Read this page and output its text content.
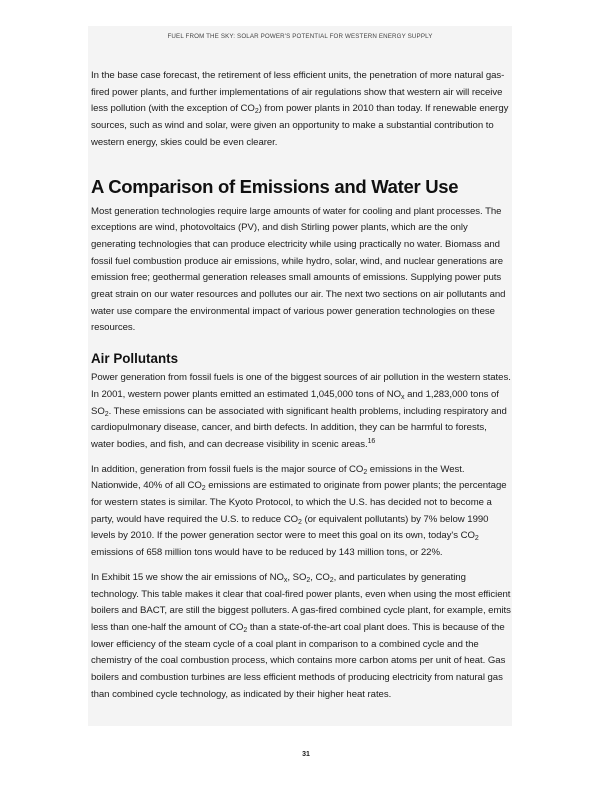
FUEL FROM THE SKY: SOLAR POWER'S POTENTIAL FOR WESTERN ENERGY SUPPLY

In the base case forecast, the retirement of less efficient units, the penetration of more natural gas-fired power plants, and further implementations of air regulations show that western air will receive less pollution (with the exception of $CO_2$) from power plants in 2010 than today. If renewable energy sources, such as wind and solar, were given an opportunity to make a substantial contribution to western energy, skies could be even clearer.

A Comparison of Emissions and Water Use

Most generation technologies require large amounts of water for cooling and plant processes. The exceptions are wind, photovoltaics (PV), and dish Stirling power plants, which are the only generating technologies that can produce electricity while using practically no water. Biomass and fossil fuel combustion produce air emissions, while hydro, solar, wind, and nuclear generations are emission free; geothermal generation releases small amounts of emissions. Supplying power puts great strain on our water resources and pollutes our air. The next two sections on air pollutants and water use compare the environmental impact of various power generation technologies on these resources.

Air Pollutants

Power generation from fossil fuels is one of the biggest sources of air pollution in the western states. In 2001, western power plants emitted an estimated 1,045,000 tons of $NO_x$ and 1,283,000 tons of $SO_2$. These emissions can be associated with significant health problems, including respiratory and cardiopulmonary disease, cancer, and birth defects. In addition, they can be harmful to forests, water bodies, and fish, and can decrease visibility in scenic areas.$^{16}$

In addition, generation from fossil fuels is the major source of $CO_2$ emissions in the West. Nationwide, 40% of all $CO_2$ emissions are estimated to originate from power plants; the percentage for western states is similar. The Kyoto Protocol, to which the U.S. has decided not to become a party, would have required the U.S. to reduce $CO_2$ (or equivalent pollutants) by 7% below 1990 levels by 2010. If the power generation sector were to meet this goal on its own, today's $CO_2$ emissions of 658 million tons would have to be reduced by 143 million tons, or 22%.

In Exhibit 15 we show the air emissions of $NO_x$, $SO_2$, $CO_2$, and particulates by generating technology. This table makes it clear that coal-fired power plants, even when using the most efficient boilers and BACT, are still the biggest polluters. A gas-fired combined cycle plant, for example, emits less than one-half the amount of $CO_2$ than a state-of-the-art coal plant does. This is because of the lower efficiency of the steam cycle of a coal plant in comparison to a combined cycle and the chemistry of the coal combustion process, which contains more carbon atoms per unit of heat. Gas boilers and combustion turbines are less efficient methods of producing electricity from natural gas than combined cycle technology, as indicated by their higher heat rates.

31
